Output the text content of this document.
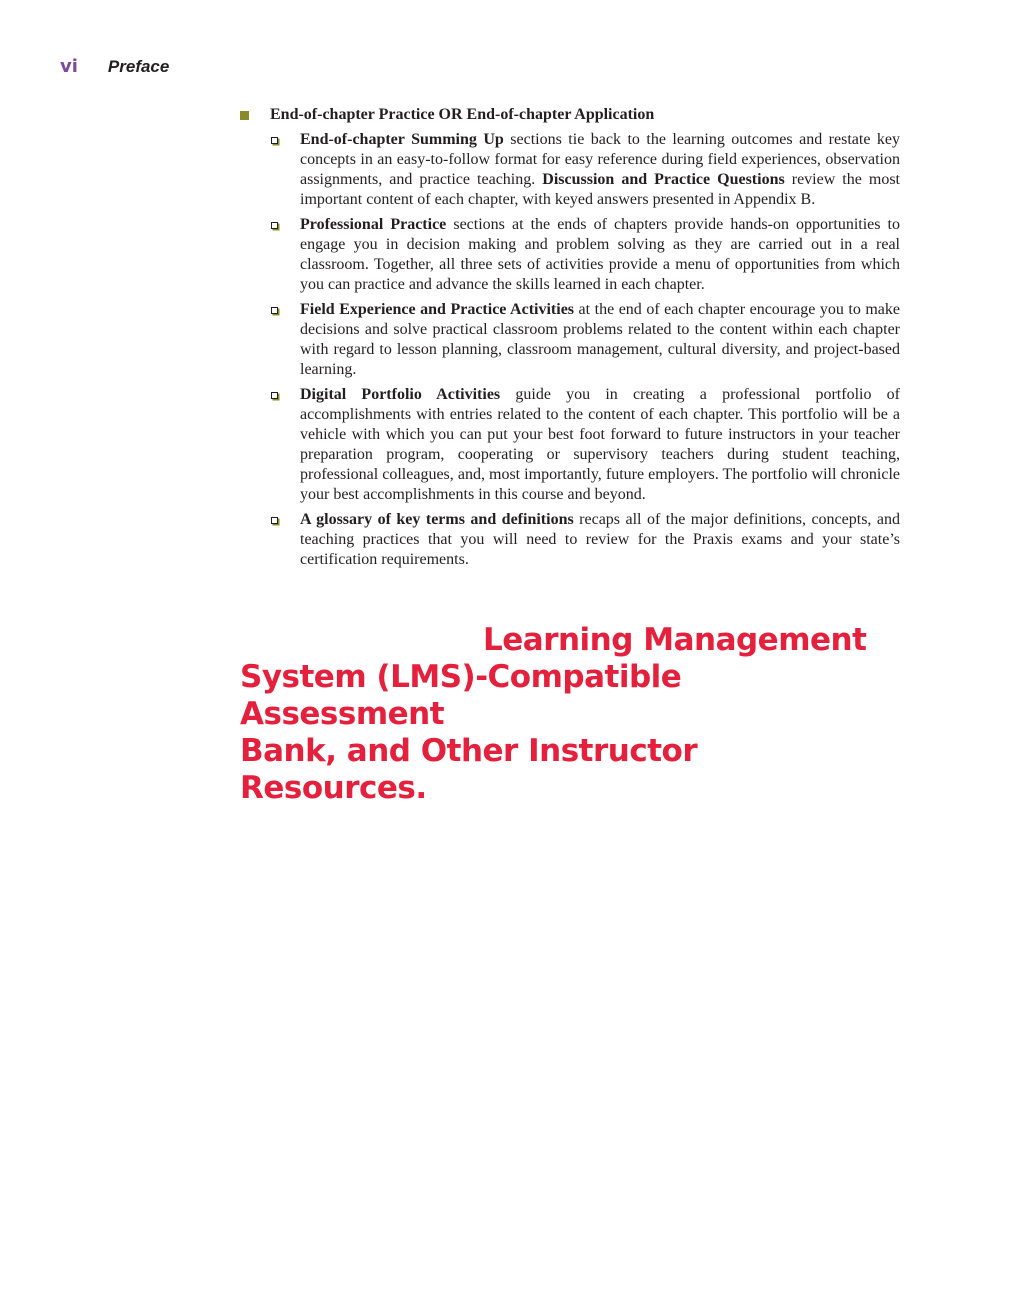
vi Preface
End-of-chapter Practice OR End-of-chapter Application
End-of-chapter Summing Up sections tie back to the learning outcomes and restate key concepts in an easy-to-follow format for easy reference during field experiences, observation assignments, and practice teaching. Discussion and Practice Questions review the most important content of each chapter, with keyed answers presented in Appendix B.
Professional Practice sections at the ends of chapters provide hands-on opportunities to engage you in decision making and problem solving as they are carried out in a real classroom. Together, all three sets of activities provide a menu of opportunities from which you can practice and advance the skills learned in each chapter.
Field Experience and Practice Activities at the end of each chapter encourage you to make decisions and solve practical classroom problems related to the content within each chapter with regard to lesson planning, classroom management, cultural diversity, and project-based learning.
Digital Portfolio Activities guide you in creating a professional portfolio of accomplishments with entries related to the content of each chapter. This portfolio will be a vehicle with which you can put your best foot forward to future instructors in your teacher preparation program, cooperating or supervisory teachers during student teaching, professional colleagues, and, most importantly, future employers. The portfolio will chronicle your best accomplishments in this course and beyond.
A glossary of key terms and definitions recaps all of the major definitions, concepts, and teaching practices that you will need to review for the Praxis exams and your state’s certification requirements.
Learning Management
System (LMS)-Compatible Assessment
Bank, and Other Instructor Resources.
